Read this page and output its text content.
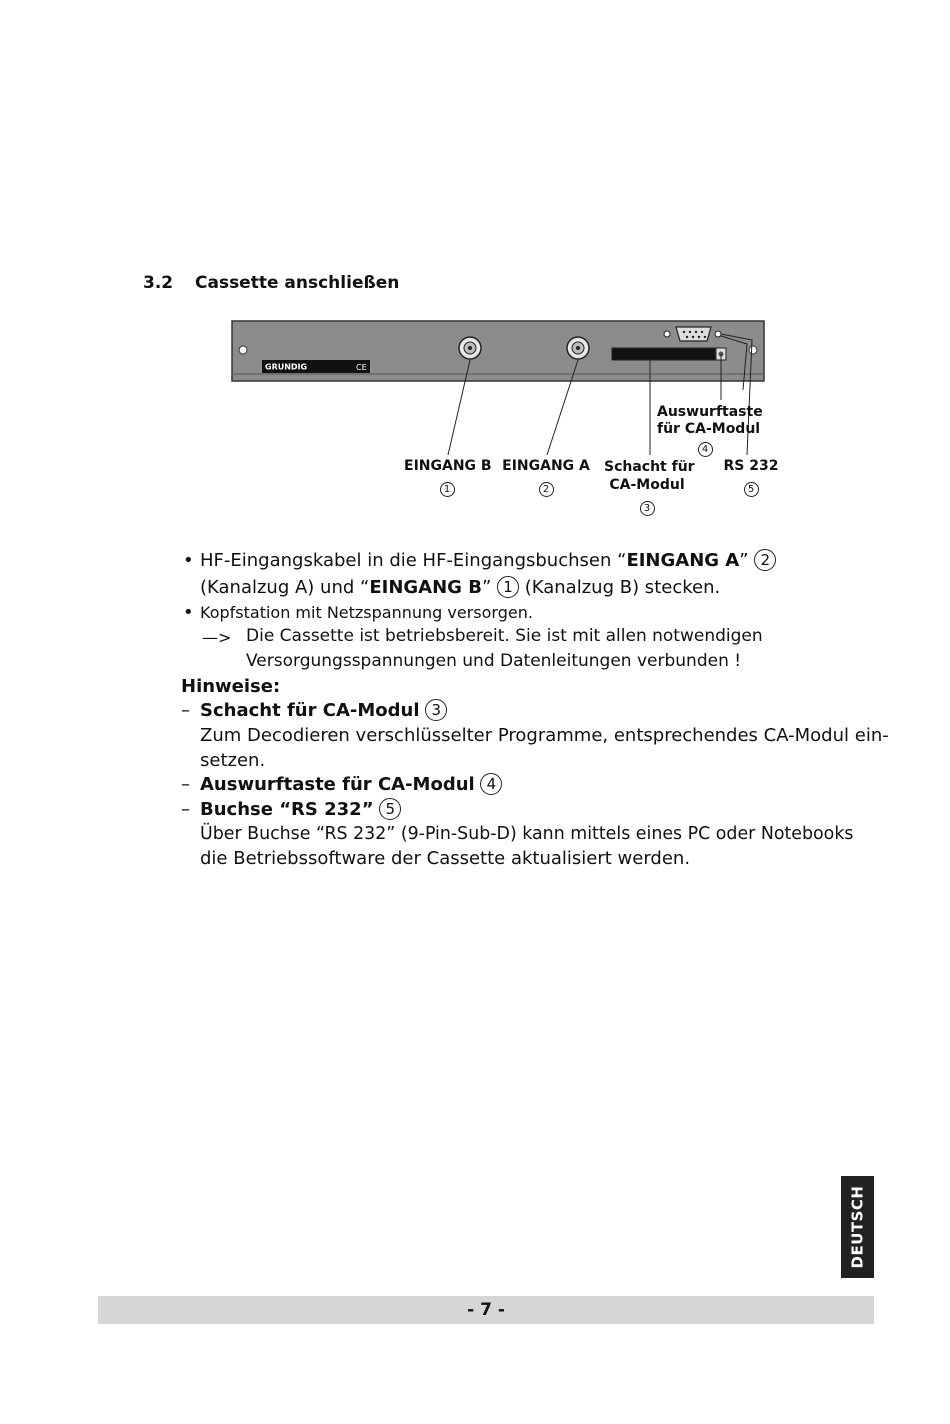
3.2 Cassette anschließen
GRUNDIG	CE
EINGANG B
1
EINGANG A
2
Schacht für
CA-Modul
3
Auswurftaste
für CA-Modul
4
RS 232
5
• HF-Eingangskabel in die HF-Eingangsbuchsen “EINGANG A” 2
(Kanalzug A) und “EINGANG B” 1 (Kanalzug B) stecken.
• Kopfstation mit Netzspannung versorgen.
—> Die Cassette ist betriebsbereit. Sie ist mit allen notwendigen
Versorgungsspannungen und Datenleitungen verbunden !
Hinweise:
– Schacht für CA-Modul 3
Zum Decodieren verschlüsselter Programme, entsprechendes CA-Modul ein-
setzen.
– Auswurftaste für CA-Modul 4
– Buchse “RS 232” 5
Über Buchse “RS 232” (9-Pin-Sub-D) kann mittels eines PC oder Notebooks
die Betriebssoftware der Cassette aktualisiert werden.
DEUTSCH
- 7 -
